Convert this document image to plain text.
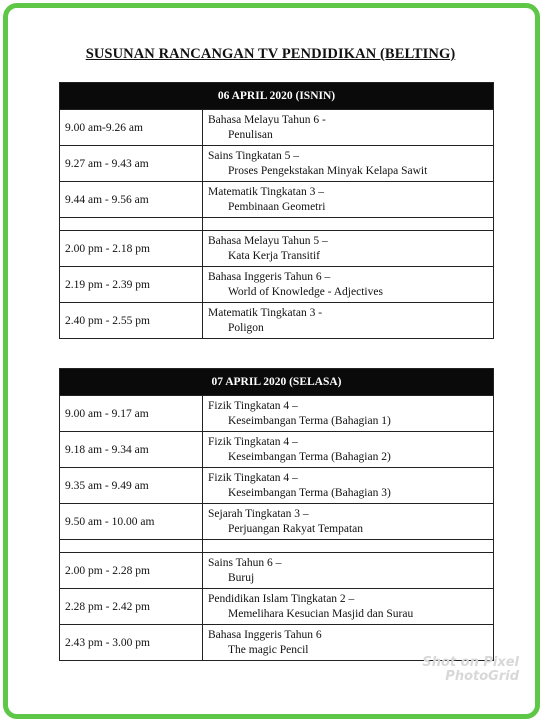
SUSUNAN RANCANGAN TV PENDIDIKAN (BELTING)
06 APRIL 2020 (ISNIN)	
9.00 am-9.26 am	Bahasa Melayu Tahun 6 -
Penulisan

9.27 am - 9.43 am	Sains Tingkatan 5 –
Proses Pengekstakan Minyak Kelapa Sawit

9.44 am - 9.56 am	Matematik Tingkatan 3 –
Pembinaan Geometri

2.00 pm - 2.18 pm	Bahasa Melayu Tahun 5 –
Kata Kerja Transitif

2.19 pm - 2.39 pm	Bahasa Inggeris Tahun 6 –
World of Knowledge - Adjectives

2.40 pm - 2.55 pm	Matematik Tingkatan 3 -
Poligon
07 APRIL 2020 (SELASA)	
9.00 am - 9.17 am	Fizik Tingkatan 4 –
Keseimbangan Terma (Bahagian 1)

9.18 am - 9.34 am	Fizik Tingkatan 4 –
Keseimbangan Terma (Bahagian 2)

9.35 am - 9.49 am	Fizik Tingkatan 4 –
Keseimbangan Terma (Bahagian 3)

9.50 am - 10.00 am	Sejarah Tingkatan 3 –
Perjuangan Rakyat Tempatan

2.00 pm - 2.28 pm	Sains Tahun 6 –
Buruj

2.28 pm - 2.42 pm	Pendidikan Islam Tingkatan 2 –
Memelihara Kesucian Masjid dan Surau

2.43 pm - 3.00 pm	Bahasa Inggeris Tahun 6
The magic Pencil
Shot on Pixel
PhotoGrid
